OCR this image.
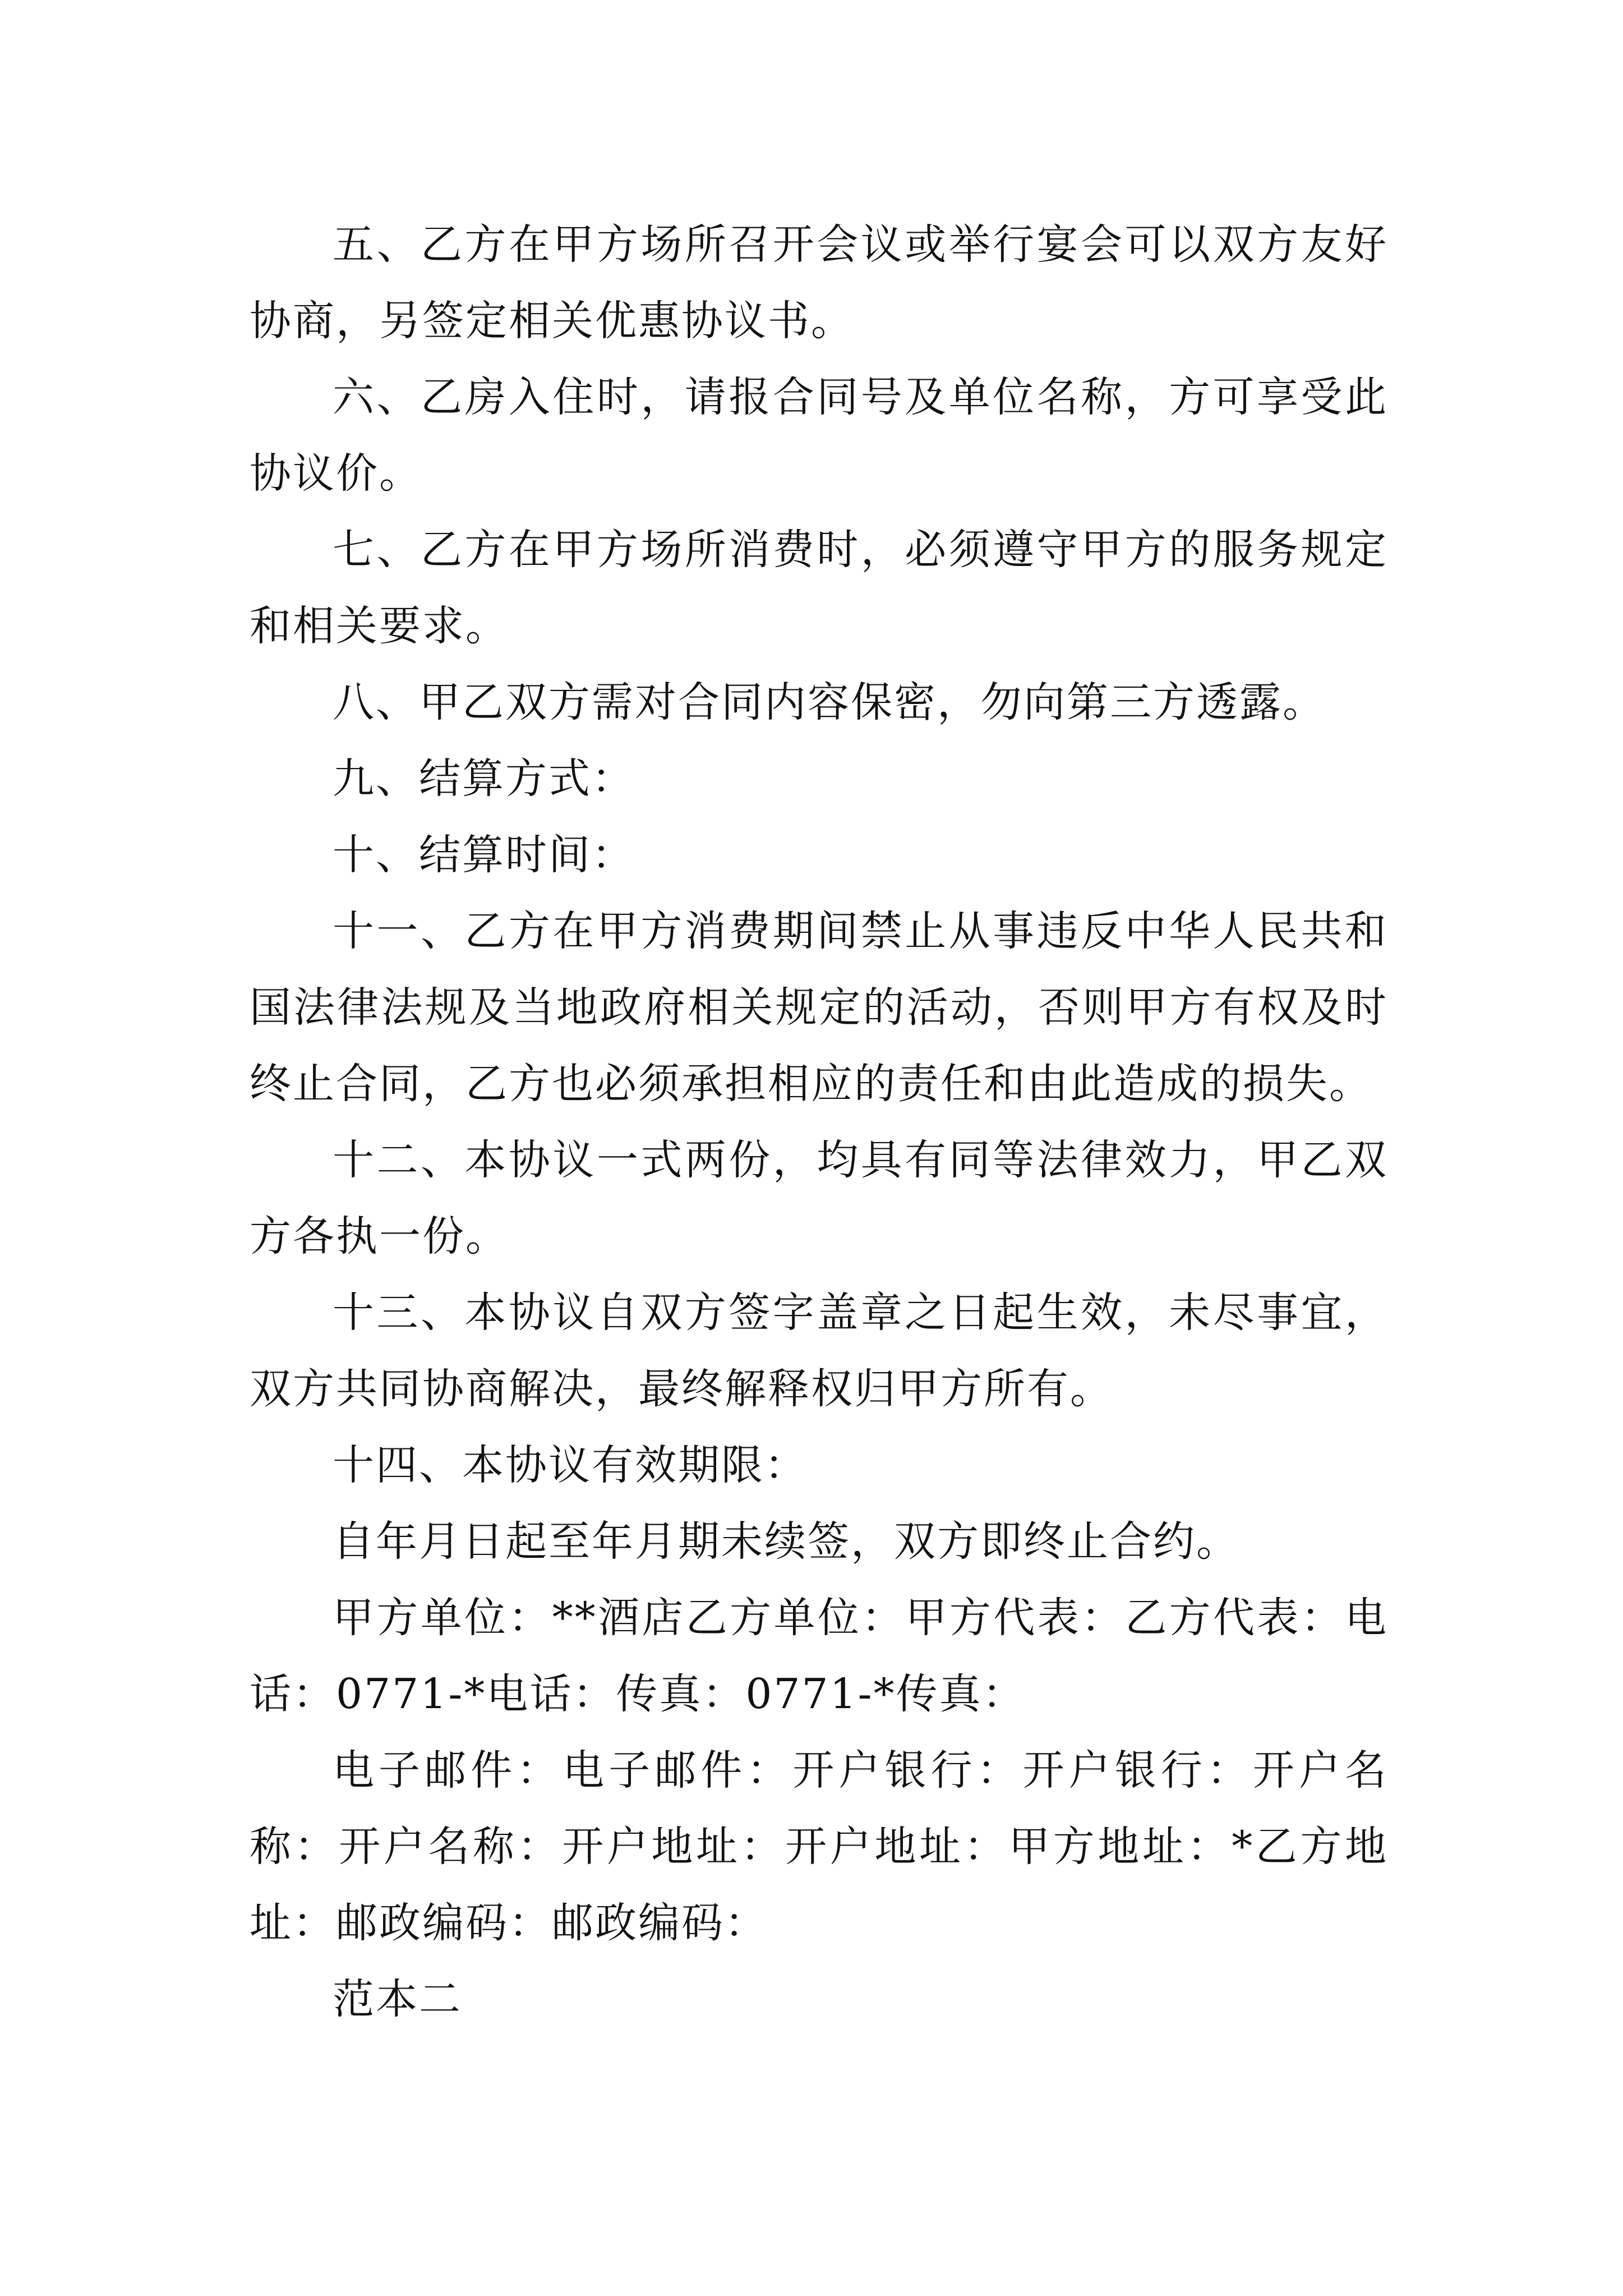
五、乙方在甲方场所召开会议或举行宴会可以双方友好协商，另签定相关优惠协议书。

六、乙房入住时，请报合同号及单位名称，方可享受此协议价。

七、乙方在甲方场所消费时，必须遵守甲方的服务规定和相关要求。

八、甲乙双方需对合同内容保密，勿向第三方透露。

九、结算方式：

十、结算时间：

十一、乙方在甲方消费期间禁止从事违反中华人民共和国法律法规及当地政府相关规定的活动，否则甲方有权及时终止合同，乙方也必须承担相应的责任和由此造成的损失。

十二、本协议一式两份，均具有同等法律效力，甲乙双方各执一份。

十三、本协议自双方签字盖章之日起生效，未尽事宜，双方共同协商解决，最终解释权归甲方所有。

十四、本协议有效期限：

自年月日起至年月期未续签，双方即终止合约。

甲方单位：**酒店乙方单位：甲方代表：乙方代表：电话：0771-*电话：传真：0771-*传真：

电子邮件：电子邮件：开户银行：开户银行：开户名称：开户名称：开户地址：开户地址：甲方地址：*乙方地址：邮政编码：邮政编码：

范本二
